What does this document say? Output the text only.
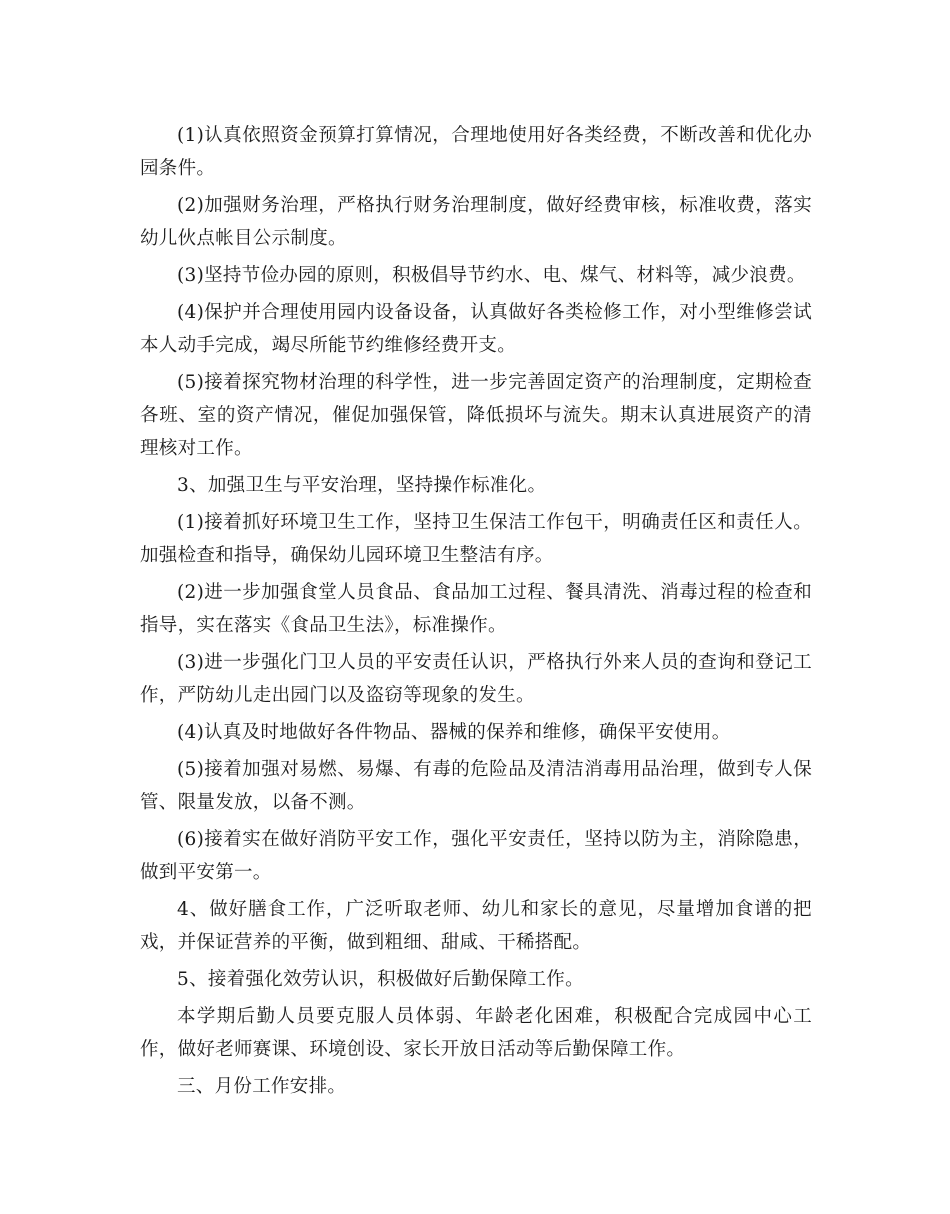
(1)认真依照资金预算打算情况，合理地使用好各类经费，不断改善和优化办园条件。

(2)加强财务治理，严格执行财务治理制度，做好经费审核，标准收费，落实幼儿伙点帐目公示制度。

(3)坚持节俭办园的原则，积极倡导节约水、电、煤气、材料等，减少浪费。

(4)保护并合理使用园内设备设备，认真做好各类检修工作，对小型维修尝试本人动手完成，竭尽所能节约维修经费开支。

(5)接着探究物材治理的科学性，进一步完善固定资产的治理制度，定期检查各班、室的资产情况，催促加强保管，降低损坏与流失。期末认真进展资产的清理核对工作。

3、加强卫生与平安治理，坚持操作标准化。

(1)接着抓好环境卫生工作，坚持卫生保洁工作包干，明确责任区和责任人。加强检查和指导，确保幼儿园环境卫生整洁有序。

(2)进一步加强食堂人员食品、食品加工过程、餐具清洗、消毒过程的检查和指导，实在落实《食品卫生法》，标准操作。

(3)进一步强化门卫人员的平安责任认识，严格执行外来人员的查询和登记工作，严防幼儿走出园门以及盗窃等现象的发生。

(4)认真及时地做好各件物品、器械的保养和维修，确保平安使用。

(5)接着加强对易燃、易爆、有毒的危险品及清洁消毒用品治理，做到专人保管、限量发放，以备不测。

(6)接着实在做好消防平安工作，强化平安责任，坚持以防为主，消除隐患，做到平安第一。

4、做好膳食工作，广泛听取老师、幼儿和家长的意见，尽量增加食谱的把戏，并保证营养的平衡，做到粗细、甜咸、干稀搭配。

5、接着强化效劳认识，积极做好后勤保障工作。

本学期后勤人员要克服人员体弱、年龄老化困难，积极配合完成园中心工作，做好老师赛课、环境创设、家长开放日活动等后勤保障工作。

三、月份工作安排。
